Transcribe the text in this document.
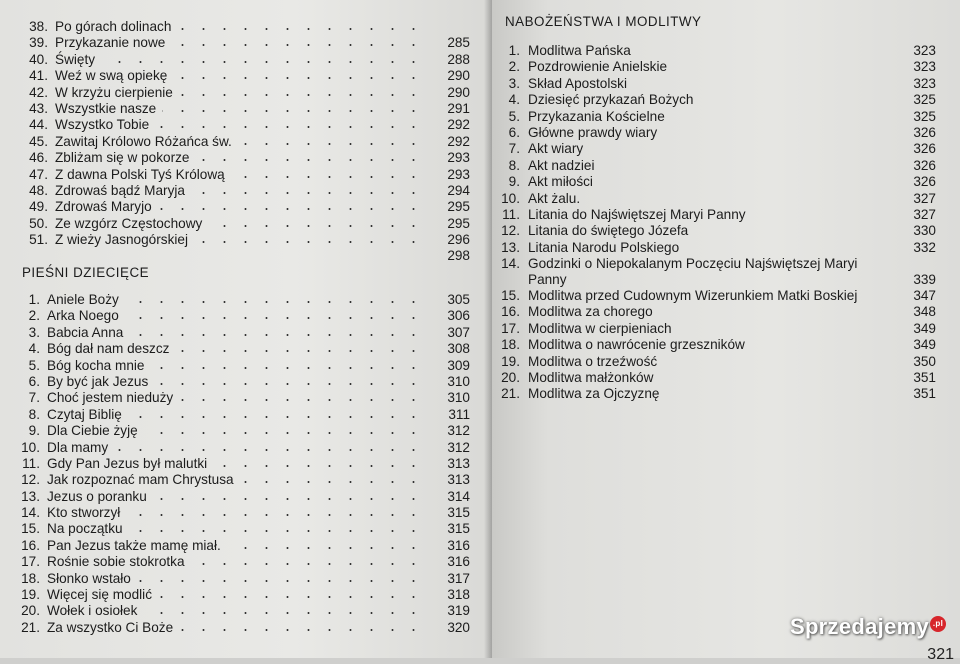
38. Po górach dolinach
39. Przykazanie nowe	285
40. Święty	288
41. Weź w swą opiekę	290
42. W krzyżu cierpienie	290
43. Wszystkie nasze	291
44. Wszystko Tobie	292
45. Zawitaj Królowo Różańca św.	292
46. Zbliżam się w pokorze	293
47. Z dawna Polski Tyś Królową	293
48. Zdrowaś bądź Maryja	294
49. Zdrowaś Maryjo	295
50. Ze wzgórz Częstochowy	295
51. Z wieży Jasnogórskiej	296
298
PIEŚNI DZIECIĘCE
1. Aniele Boży	305
2. Arka Noego	306
3. Babcia Anna	307
4. Bóg dał nam deszcz	308
5. Bóg kocha mnie	309
6. By być jak Jezus	310
7. Choć jestem nieduży	310
8. Czytaj Biblię	311
9. Dla Ciebie żyję	312
10. Dla mamy	312
11. Gdy Pan Jezus był malutki	313
12. Jak rozpoznać mam Chrystusa	313
13. Jezus o poranku	314
14. Kto stworzył	315
15. Na początku	315
16. Pan Jezus także mamę miał.	316
17. Rośnie sobie stokrotka	316
18. Słonko wstało	317
19. Więcej się modlić	318
20. Wołek i osiołek	319
21. Za wszystko Ci Boże	320
NABOŻEŃSTWA I MODLITWY
1. Modlitwa Pańska	323
2. Pozdrowienie Anielskie	323
3. Skład Apostolski	323
4. Dziesięć przykazań Bożych	325
5. Przykazania Kościelne	325
6. Główne prawdy wiary	326
7. Akt wiary	326
8. Akt nadziei	326
9. Akt miłości	326
10. Akt żalu.	327
11. Litania do Najświętszej Maryi Panny	327
12. Litania do świętego Józefa	330
13. Litania Narodu Polskiego	332
14. Godzinki o Niepokalanym Poczęciu Najświętszej Maryi Panny	339
15. Modlitwa przed Cudownym Wizerunkiem Matki Boskiej	347
16. Modlitwa za chorego	348
17. Modlitwa w cierpieniach	349
18. Modlitwa o nawrócenie grzeszników	349
19. Modlitwa o trzeźwość	350
20. Modlitwa małżonków	351
21. Modlitwa za Ojczyznę	351
321
Sprzedajemy .pl
